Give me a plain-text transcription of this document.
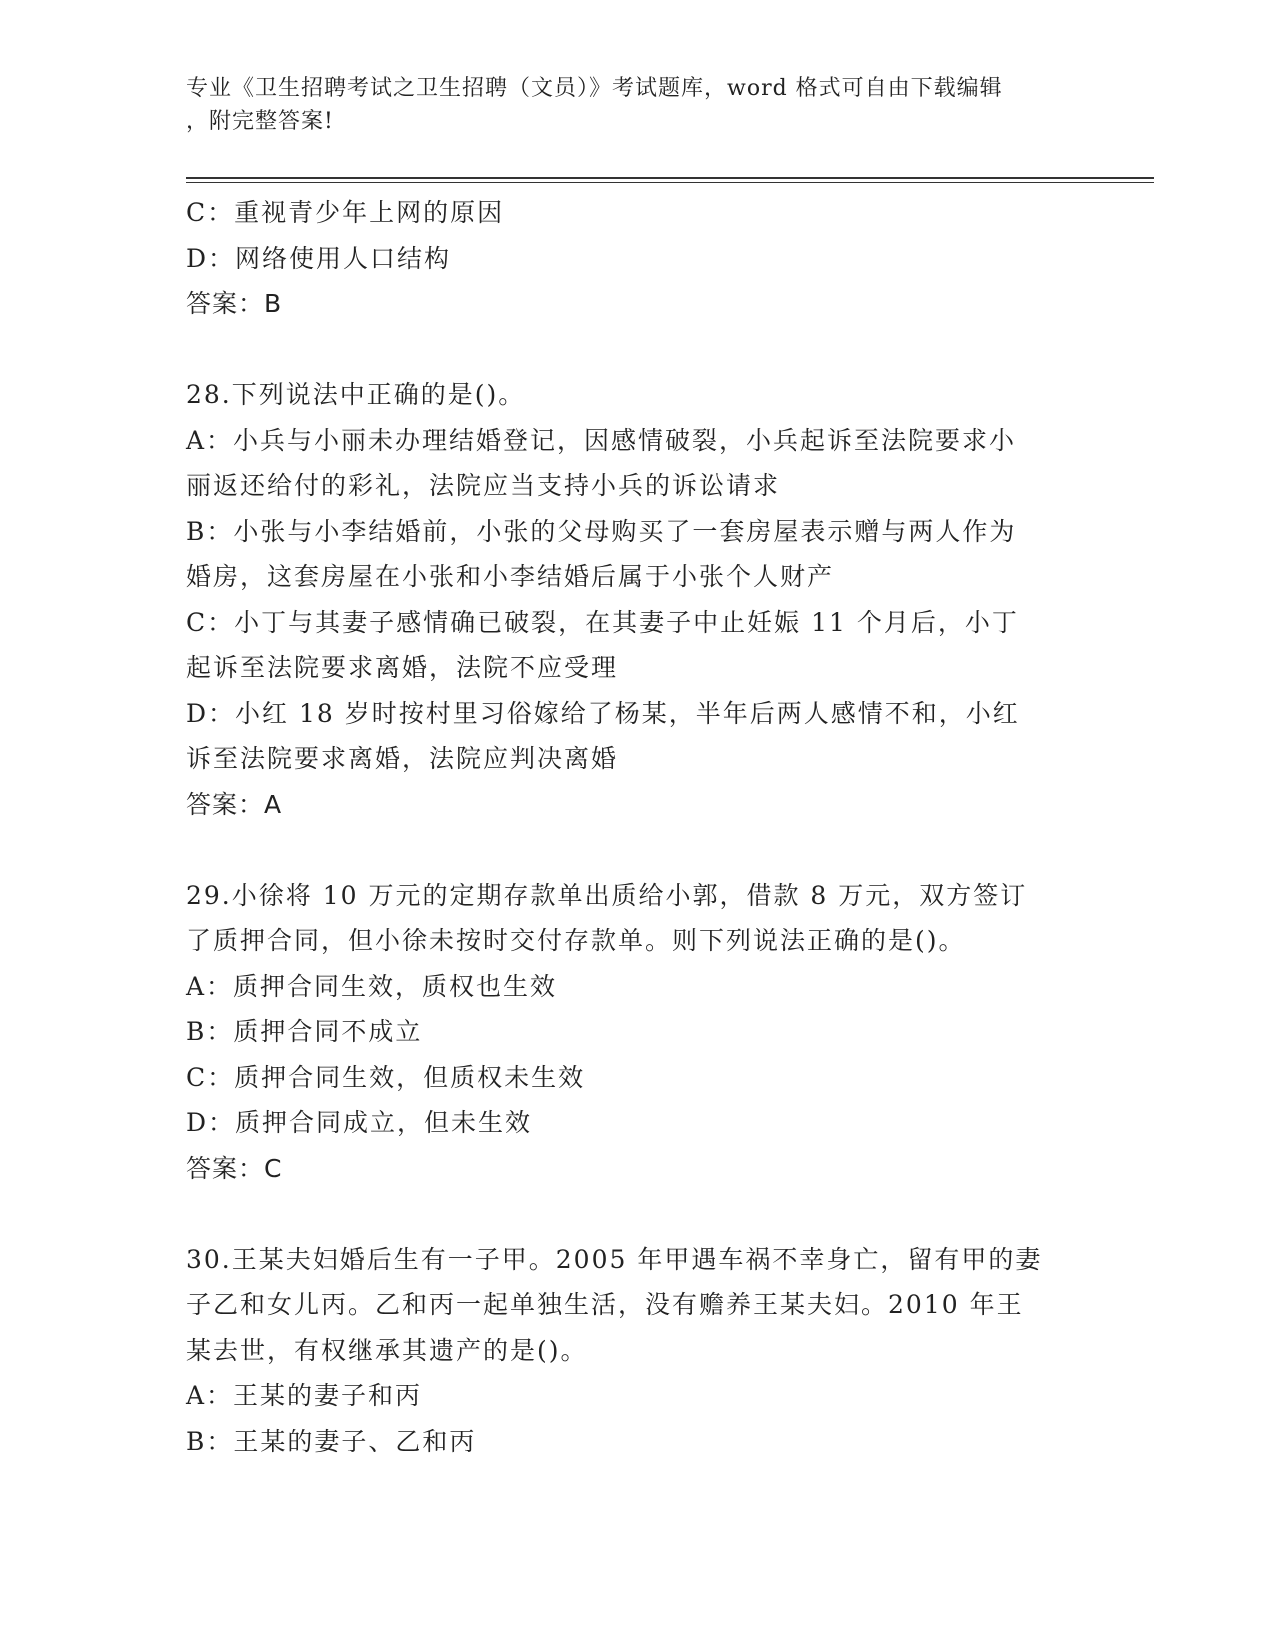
专业《卫生招聘考试之卫生招聘（文员）》考试题库，word 格式可自由下载编辑
，附完整答案!
C：重视青少年上网的原因
D：网络使用人口结构
答案：B
28.下列说法中正确的是()。
A：小兵与小丽未办理结婚登记，因感情破裂，小兵起诉至法院要求小
丽返还给付的彩礼，法院应当支持小兵的诉讼请求
B：小张与小李结婚前，小张的父母购买了一套房屋表示赠与两人作为
婚房，这套房屋在小张和小李结婚后属于小张个人财产
C：小丁与其妻子感情确已破裂，在其妻子中止妊娠 11 个月后，小丁
起诉至法院要求离婚，法院不应受理
D：小红 18 岁时按村里习俗嫁给了杨某，半年后两人感情不和，小红
诉至法院要求离婚，法院应判决离婚
答案：A
29.小徐将 10 万元的定期存款单出质给小郭，借款 8 万元，双方签订
了质押合同，但小徐未按时交付存款单。则下列说法正确的是()。
A：质押合同生效，质权也生效
B：质押合同不成立
C：质押合同生效，但质权未生效
D：质押合同成立，但未生效
答案：C
30.王某夫妇婚后生有一子甲。2005 年甲遇车祸不幸身亡，留有甲的妻
子乙和女儿丙。乙和丙一起单独生活，没有赡养王某夫妇。2010 年王
某去世，有权继承其遗产的是()。
A：王某的妻子和丙
B：王某的妻子、乙和丙
